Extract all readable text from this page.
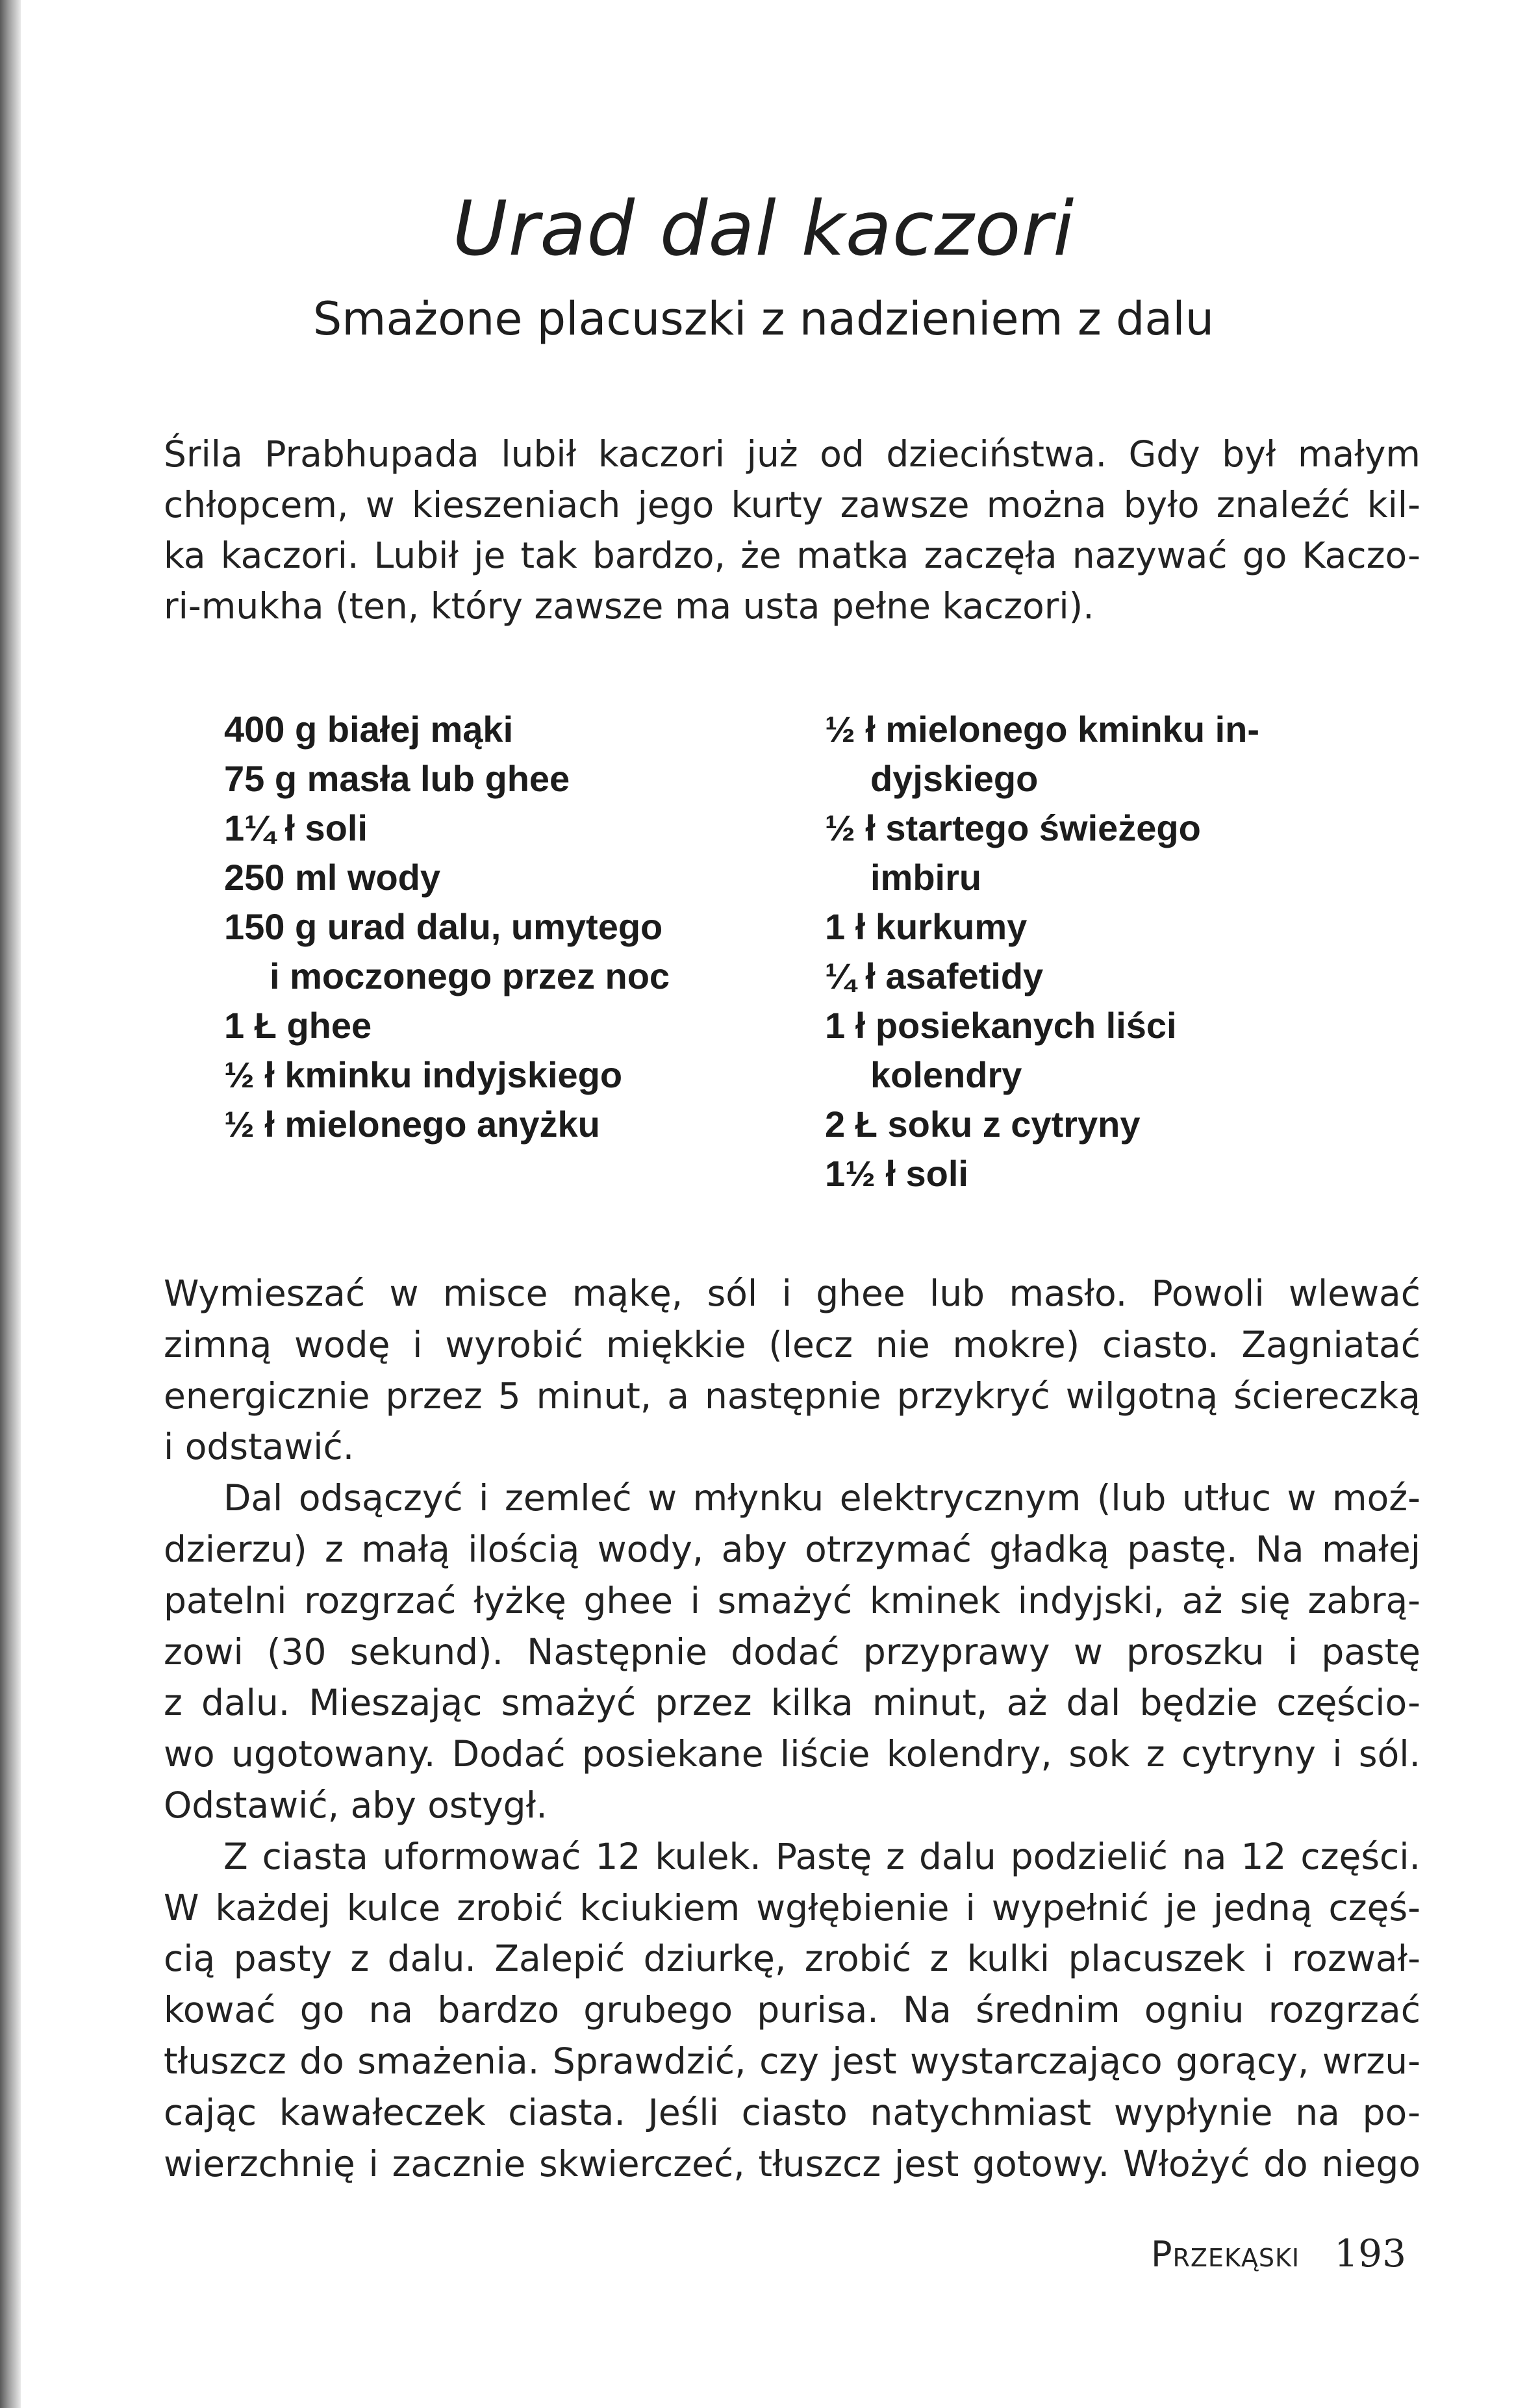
Urad dal kaczori
Smażone placuszki z nadzieniem z dalu
Śrila Prabhupada lubił kaczori już od dzieciństwa. Gdy był małym
chłopcem, w kieszeniach jego kurty zawsze można było znaleźć kil-
ka kaczori. Lubił je tak bardzo, że matka zaczęła nazywać go Kaczo-
ri-mukha (ten, który zawsze ma usta pełne kaczori).
400 g białej mąki
75 g masła lub ghee
1¼ ł soli
250 ml wody
150 g urad dalu, umytego
i moczonego przez noc
1 Ł ghee
½ ł kminku indyjskiego
½ ł mielonego anyżku
½ ł mielonego kminku in-
dyjskiego
½ ł startego świeżego
imbiru
1 ł kurkumy
¼ ł asafetidy
1 ł posiekanych liści
kolendry
2 Ł soku z cytryny
1½ ł soli
Wymieszać w misce mąkę, sól i ghee lub masło. Powoli wlewać
zimną wodę i wyrobić miękkie (lecz nie mokre) ciasto. Zagniatać
energicznie przez 5 minut, a następnie przykryć wilgotną ściereczką
i odstawić.
Dal odsączyć i zemleć w młynku elektrycznym (lub utłuc w moź-
dzierzu) z małą ilością wody, aby otrzymać gładką pastę. Na małej
patelni rozgrzać łyżkę ghee i smażyć kminek indyjski, aż się zabrą-
zowi (30 sekund). Następnie dodać przyprawy w proszku i pastę
z dalu. Mieszając smażyć przez kilka minut, aż dal będzie częścio-
wo ugotowany. Dodać posiekane liście kolendry, sok z cytryny i sól.
Odstawić, aby ostygł.
Z ciasta uformować 12 kulek. Pastę z dalu podzielić na 12 części.
W każdej kulce zrobić kciukiem wgłębienie i wypełnić je jedną częś-
cią pasty z dalu. Zalepić dziurkę, zrobić z kulki placuszek i rozwał-
kować go na bardzo grubego purisa. Na średnim ogniu rozgrzać
tłuszcz do smażenia. Sprawdzić, czy jest wystarczająco gorący, wrzu-
cając kawałeczek ciasta. Jeśli ciasto natychmiast wypłynie na po-
wierzchnię i zacznie skwierczeć, tłuszcz jest gotowy. Włożyć do niego
Przekąski 193
